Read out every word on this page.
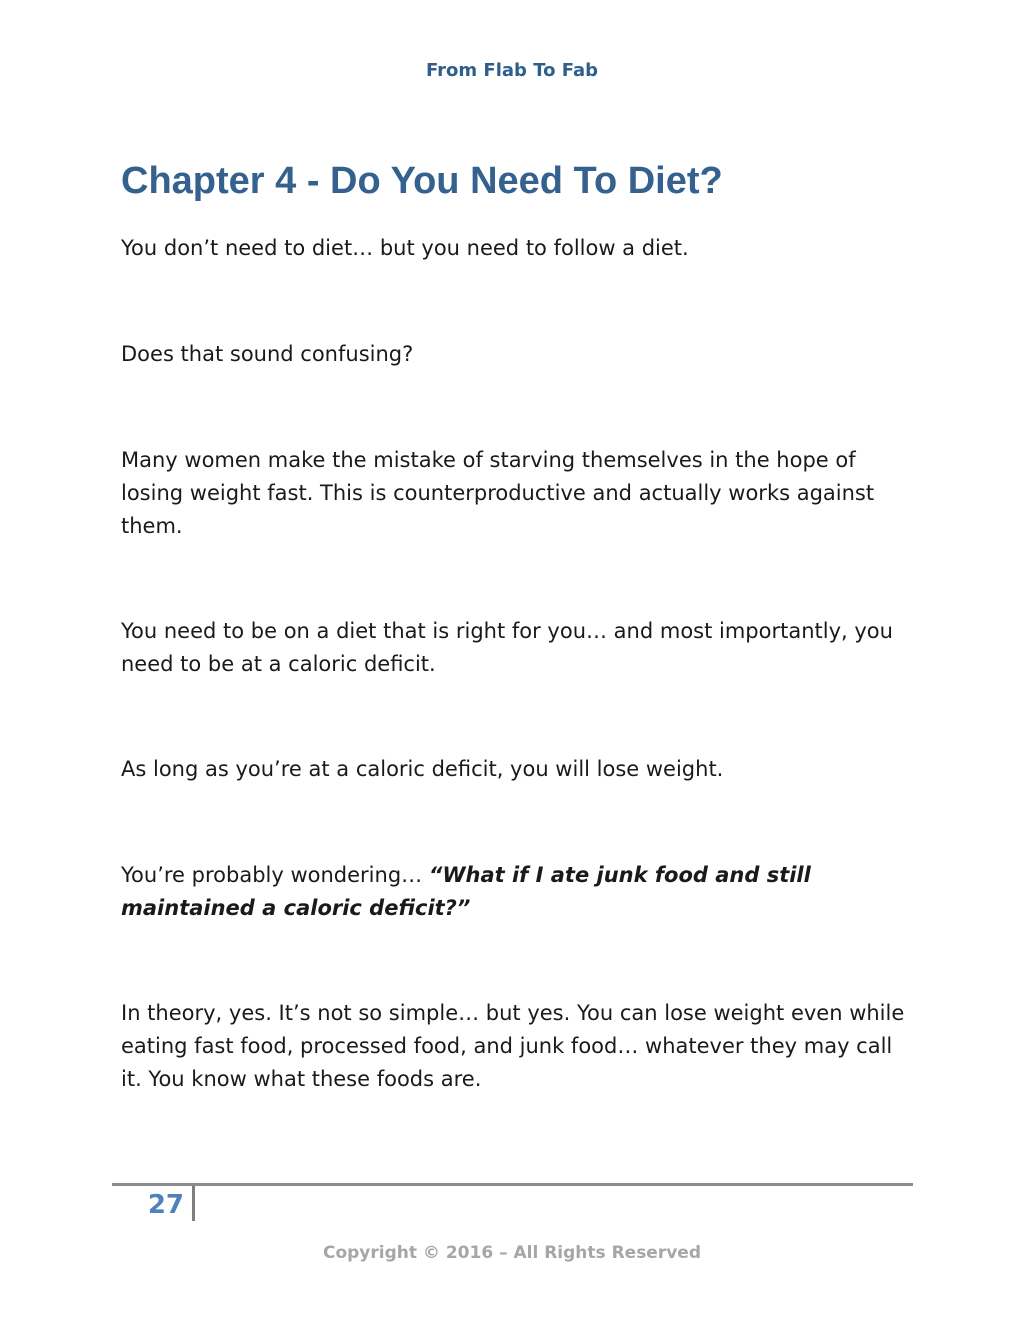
From Flab To Fab
Chapter 4 - Do You Need To Diet?

You don’t need to diet… but you need to follow a diet.

Does that sound confusing?

Many women make the mistake of starving themselves in the hope of losing weight fast. This is counterproductive and actually works against them.

You need to be on a diet that is right for you… and most importantly, you need to be at a caloric deficit.

As long as you’re at a caloric deficit, you will lose weight.

You’re probably wondering… “What if I ate junk food and still maintained a caloric deficit?”

In theory, yes. It’s not so simple… but yes. You can lose weight even while eating fast food, processed food, and junk food… whatever they may call it. You know what these foods are.

27
Copyright © 2016 – All Rights Reserved
